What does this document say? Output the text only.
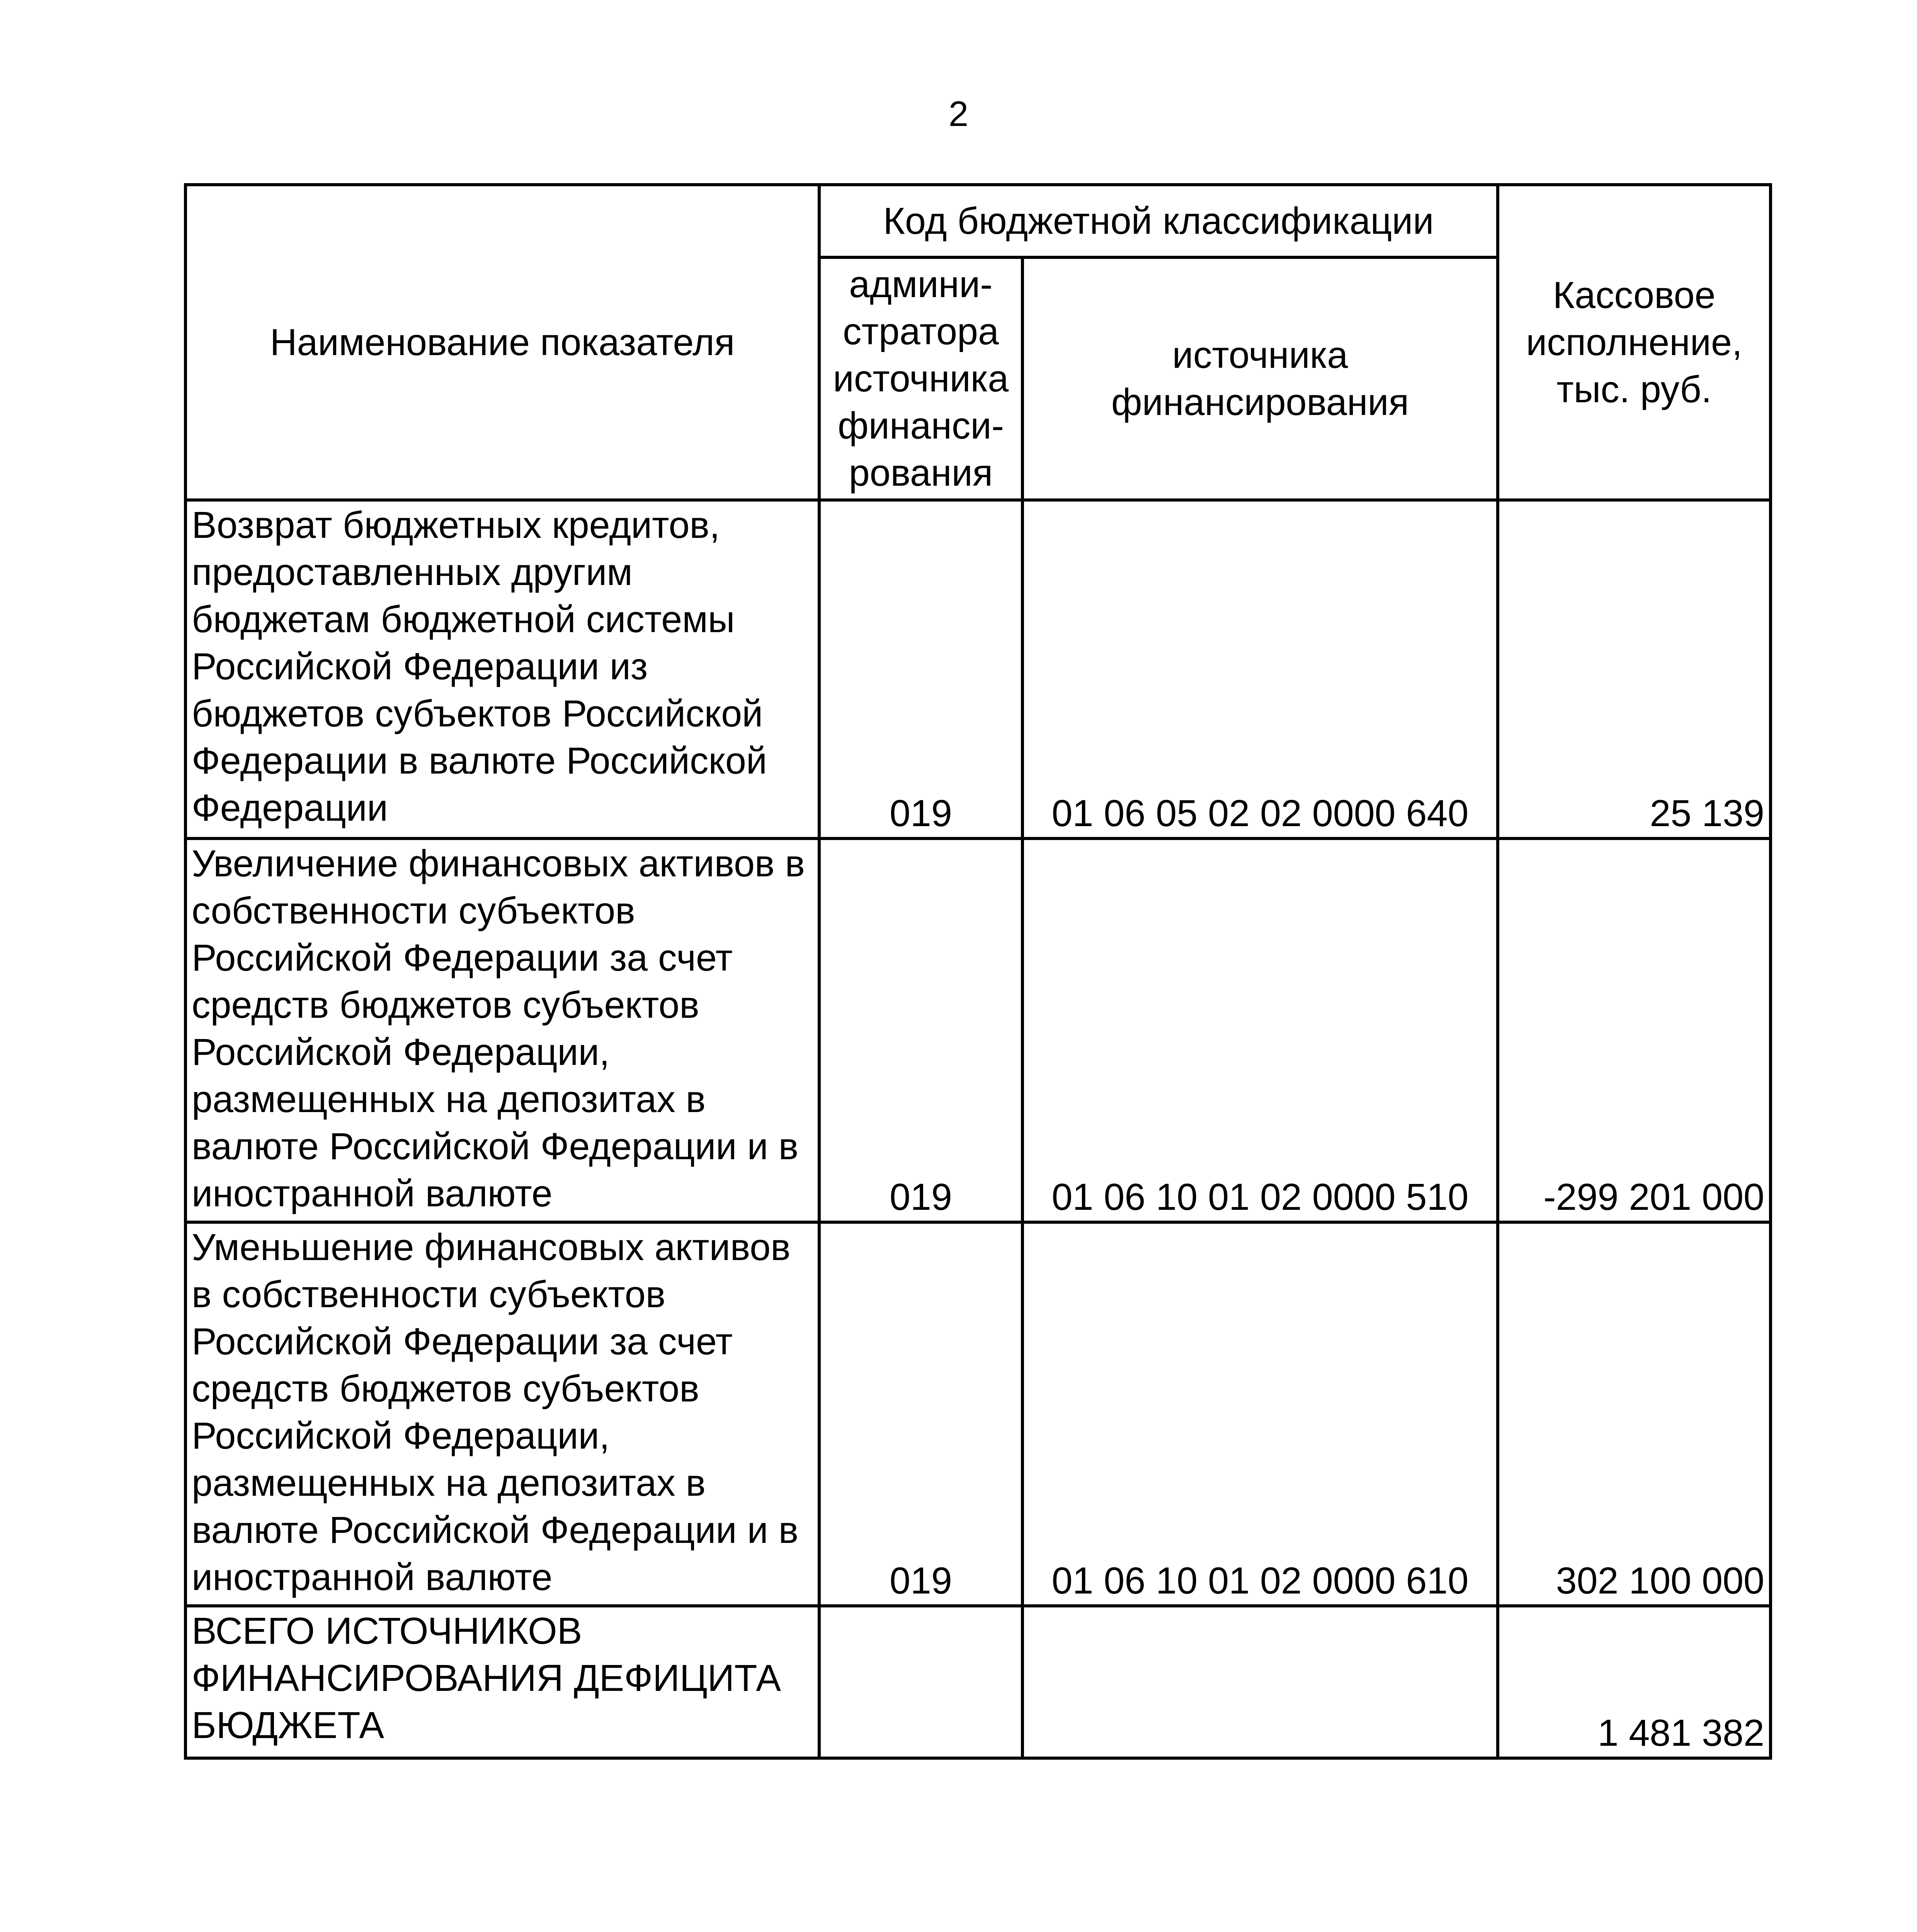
2
Наименование показателя	Код бюджетной классификации		Кассовое исполнение, тыс. руб.
	админи- стратора источника финанси- рования	источника финансирования	
Возврат бюджетных кредитов, предоставленных другим бюджетам бюджетной системы Российской Федерации из бюджетов субъектов Российской Федерации в валюте Российской Федерации	019	01 06 05 02 02 0000 640	25 139
Увеличение финансовых активов в собственности субъектов Российской Федерации за счет средств бюджетов субъектов Российской Федерации, размещенных на депозитах в валюте Российской Федерации и в иностранной валюте	019	01 06 10 01 02 0000 510	-299 201 000
Уменьшение финансовых активов в собственности субъектов Российской Федерации за счет средств бюджетов субъектов Российской Федерации, размещенных на депозитах в валюте Российской Федерации и в иностранной валюте	019	01 06 10 01 02 0000 610	302 100 000
ВСЕГО ИСТОЧНИКОВ ФИНАНСИРОВАНИЯ ДЕФИЦИТА БЮДЖЕТА			1 481 382
